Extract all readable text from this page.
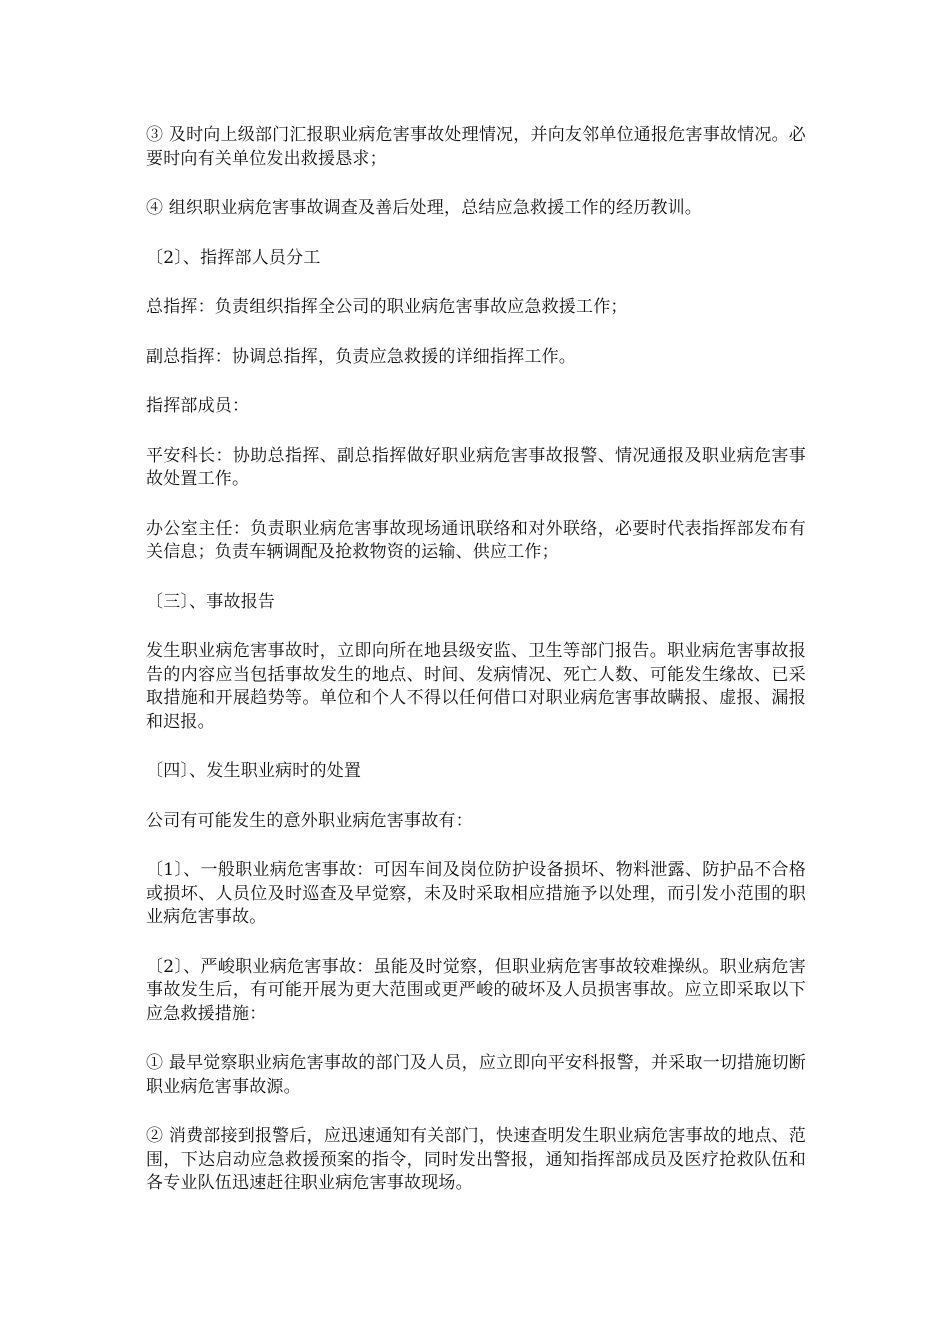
③ 及时向上级部门汇报职业病危害事故处理情况，并向友邻单位通报危害事故情况。必要时向有关单位发出救援恳求；

④ 组织职业病危害事故调查及善后处理，总结应急救援工作的经历教训。

〔2〕、指挥部人员分工

总指挥：负责组织指挥全公司的职业病危害事故应急救援工作；

副总指挥：协调总指挥，负责应急救援的详细指挥工作。

指挥部成员：

平安科长：协助总指挥、副总指挥做好职业病危害事故报警、情况通报及职业病危害事故处置工作。

办公室主任：负责职业病危害事故现场通讯联络和对外联络，必要时代表指挥部发布有关信息；负责车辆调配及抢救物资的运输、供应工作；

〔三〕、事故报告

发生职业病危害事故时，立即向所在地县级安监、卫生等部门报告。职业病危害事故报告的内容应当包括事故发生的地点、时间、发病情况、死亡人数、可能发生缘故、已采取措施和开展趋势等。单位和个人不得以任何借口对职业病危害事故瞒报、虚报、漏报和迟报。

〔四〕、发生职业病时的处置

公司有可能发生的意外职业病危害事故有：

〔1〕、一般职业病危害事故：可因车间及岗位防护设备损坏、物料泄露、防护品不合格或损坏、人员位及时巡查及早觉察，未及时采取相应措施予以处理，而引发小范围的职业病危害事故。

〔2〕、严峻职业病危害事故：虽能及时觉察，但职业病危害事故较难操纵。职业病危害事故发生后，有可能开展为更大范围或更严峻的破坏及人员损害事故。应立即采取以下应急救援措施：

① 最早觉察职业病危害事故的部门及人员，应立即向平安科报警，并采取一切措施切断职业病危害事故源。

② 消费部接到报警后，应迅速通知有关部门，快速查明发生职业病危害事故的地点、范围，下达启动应急救援预案的指令，同时发出警报，通知指挥部成员及医疗抢救队伍和各专业队伍迅速赶往职业病危害事故现场。
